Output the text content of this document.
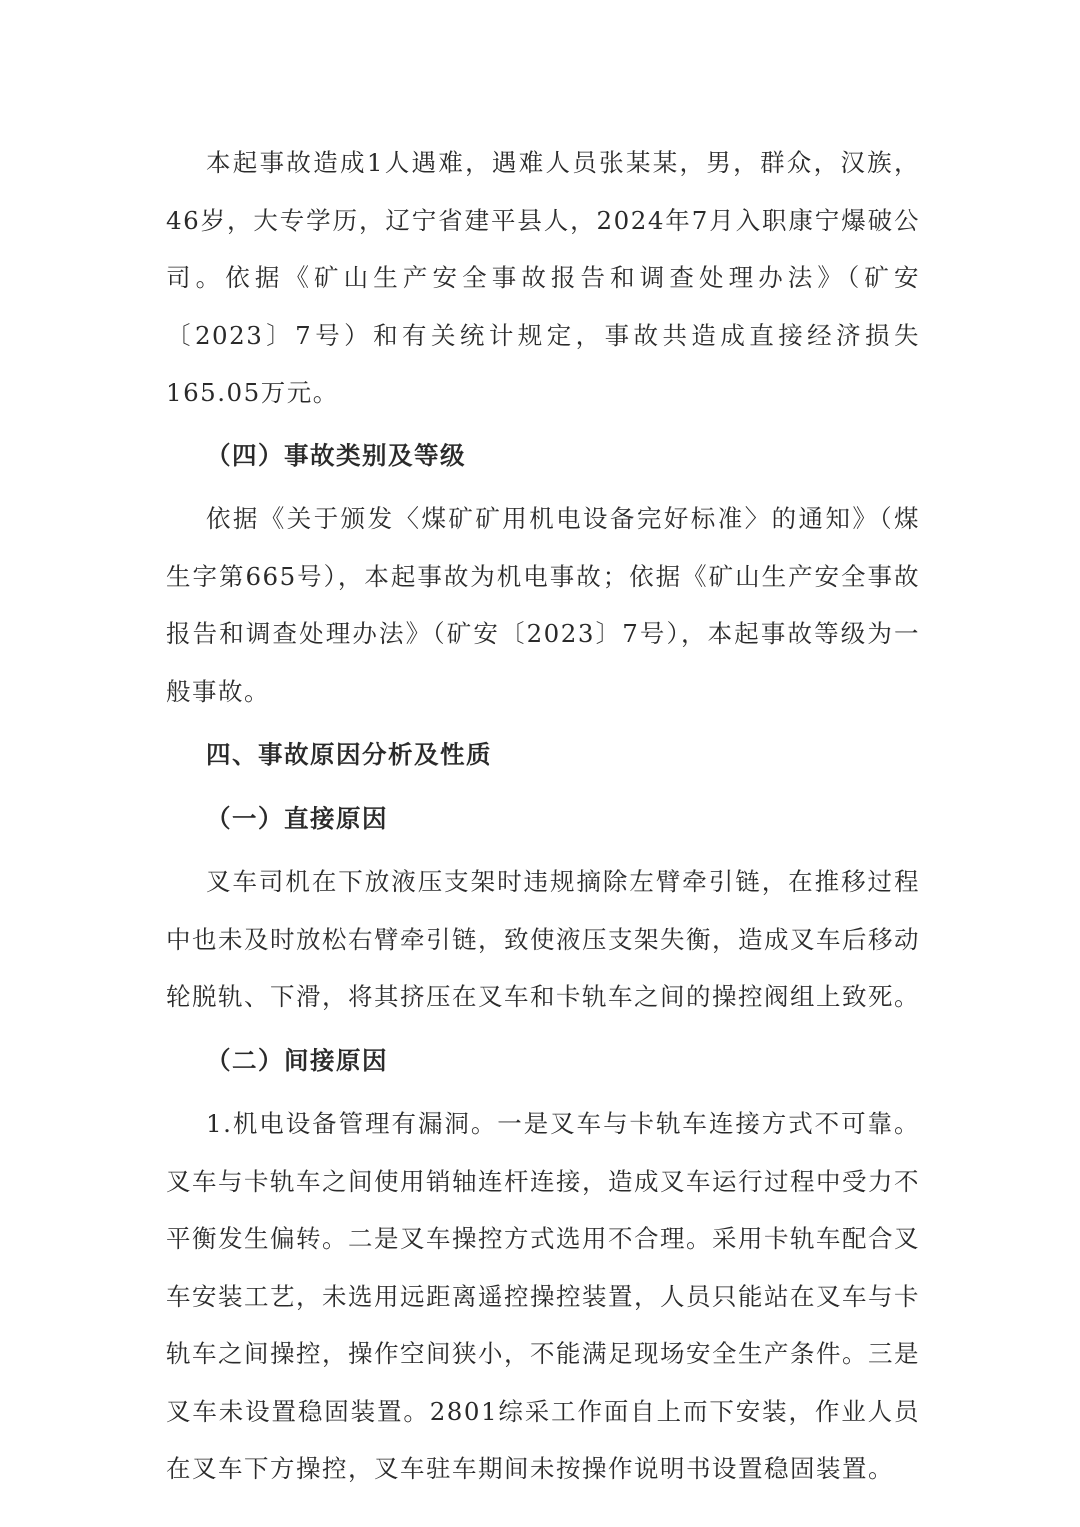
本起事故造成1人遇难，遇难人员张某某，男，群众，汉族，46岁，大专学历，辽宁省建平县人，2024年7月入职康宁爆破公司。依据《矿山生产安全事故报告和调查处理办法》（矿安〔2023〕7号）和有关统计规定，事故共造成直接经济损失165.05万元。

（四）事故类别及等级

依据《关于颁发〈煤矿矿用机电设备完好标准〉的通知》（煤生字第665号），本起事故为机电事故；依据《矿山生产安全事故报告和调查处理办法》（矿安〔2023〕7号），本起事故等级为一般事故。

四、事故原因分析及性质

（一）直接原因

叉车司机在下放液压支架时违规摘除左臂牵引链，在推移过程中也未及时放松右臂牵引链，致使液压支架失衡，造成叉车后移动轮脱轨、下滑，将其挤压在叉车和卡轨车之间的操控阀组上致死。

（二）间接原因

1.机电设备管理有漏洞。一是叉车与卡轨车连接方式不可靠。叉车与卡轨车之间使用销轴连杆连接，造成叉车运行过程中受力不平衡发生偏转。二是叉车操控方式选用不合理。采用卡轨车配合叉车安装工艺，未选用远距离遥控操控装置，人员只能站在叉车与卡轨车之间操控，操作空间狭小，不能满足现场安全生产条件。三是叉车未设置稳固装置。2801综采工作面自上而下安装，作业人员在叉车下方操控，叉车驻车期间未按操作说明书设置稳固装置。
